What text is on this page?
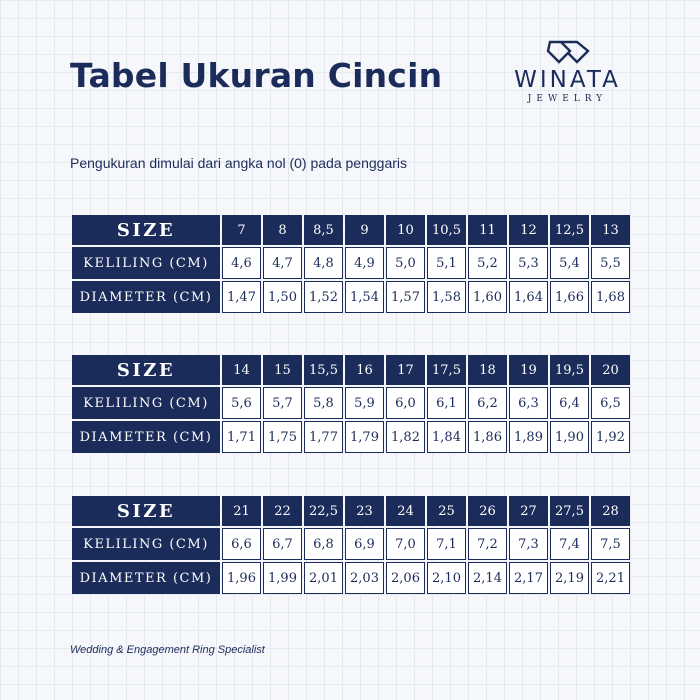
Tabel Ukuran Cincin	WINATA
JEWELRY
Pengukuran dimulai dari angka nol (0) pada penggaris
SIZE	7	8	8,5	9	10	10,5	11	12	12,5	13
KELILING (CM)	4,6	4,7	4,8	4,9	5,0	5,1	5,2	5,3	5,4	5,5
DIAMETER (CM)	1,47	1,50	1,52	1,54	1,57	1,58	1,60	1,64	1,66	1,68
SIZE	14	15	15,5	16	17	17,5	18	19	19,5	20
KELILING (CM)	5,6	5,7	5,8	5,9	6,0	6,1	6,2	6,3	6,4	6,5
DIAMETER (CM)	1,71	1,75	1,77	1,79	1,82	1,84	1,86	1,89	1,90	1,92
SIZE	21	22	22,5	23	24	25	26	27	27,5	28
KELILING (CM)	6,6	6,7	6,8	6,9	7,0	7,1	7,2	7,3	7,4	7,5
DIAMETER (CM)	1,96	1,99	2,01	2,03	2,06	2,10	2,14	2,17	2,19	2,21
Wedding & Engagement Ring Specialist
